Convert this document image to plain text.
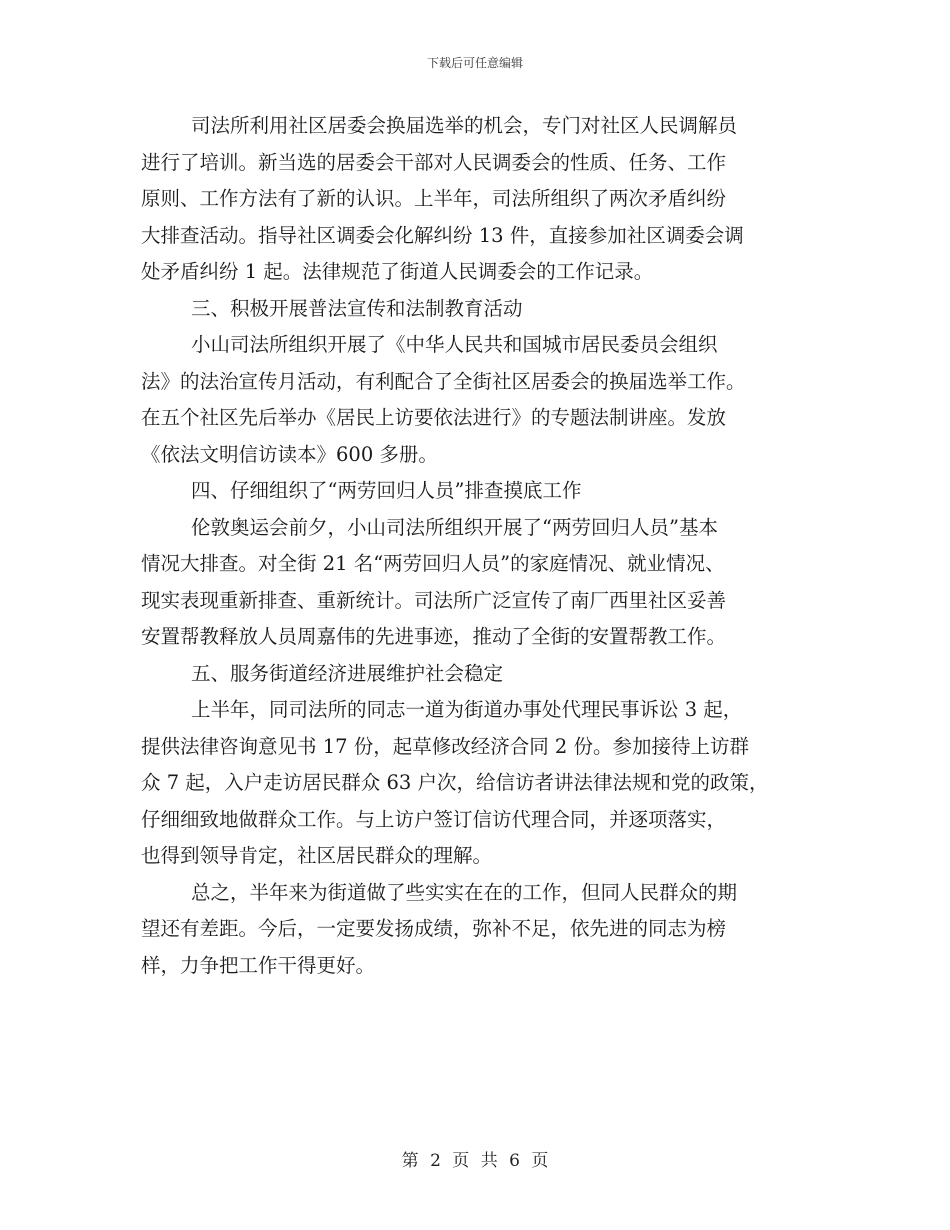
下载后可任意编辑
司法所利用社区居委会换届选举的机会，专门对社区人民调解员
进行了培训。新当选的居委会干部对人民调委会的性质、任务、工作
原则、工作方法有了新的认识。上半年，司法所组织了两次矛盾纠纷
大排查活动。指导社区调委会化解纠纷 13 件，直接参加社区调委会调
处矛盾纠纷 1 起。法律规范了街道人民调委会的工作记录。
三、积极开展普法宣传和法制教育活动
小山司法所组织开展了《中华人民共和国城市居民委员会组织
法》的法治宣传月活动，有利配合了全街社区居委会的换届选举工作。
在五个社区先后举办《居民上访要依法进行》的专题法制讲座。发放
《依法文明信访读本》600 多册。
四、仔细组织了“两劳回归人员”排查摸底工作
伦敦奥运会前夕，小山司法所组织开展了“两劳回归人员”基本
情况大排查。对全街 21 名“两劳回归人员”的家庭情况、就业情况、
现实表现重新排查、重新统计。司法所广泛宣传了南厂西里社区妥善
安置帮教释放人员周嘉伟的先进事迹，推动了全街的安置帮教工作。
五、服务街道经济进展维护社会稳定
上半年，同司法所的同志一道为街道办事处代理民事诉讼 3 起，
提供法律咨询意见书 17 份，起草修改经济合同 2 份。参加接待上访群
众 7 起，入户走访居民群众 63 户次，给信访者讲法律法规和党的政策，
仔细细致地做群众工作。与上访户签订信访代理合同，并逐项落实，
也得到领导肯定，社区居民群众的理解。
总之，半年来为街道做了些实实在在的工作，但同人民群众的期
望还有差距。今后，一定要发扬成绩，弥补不足，依先进的同志为榜
样，力争把工作干得更好。
第 2 页 共 6 页
